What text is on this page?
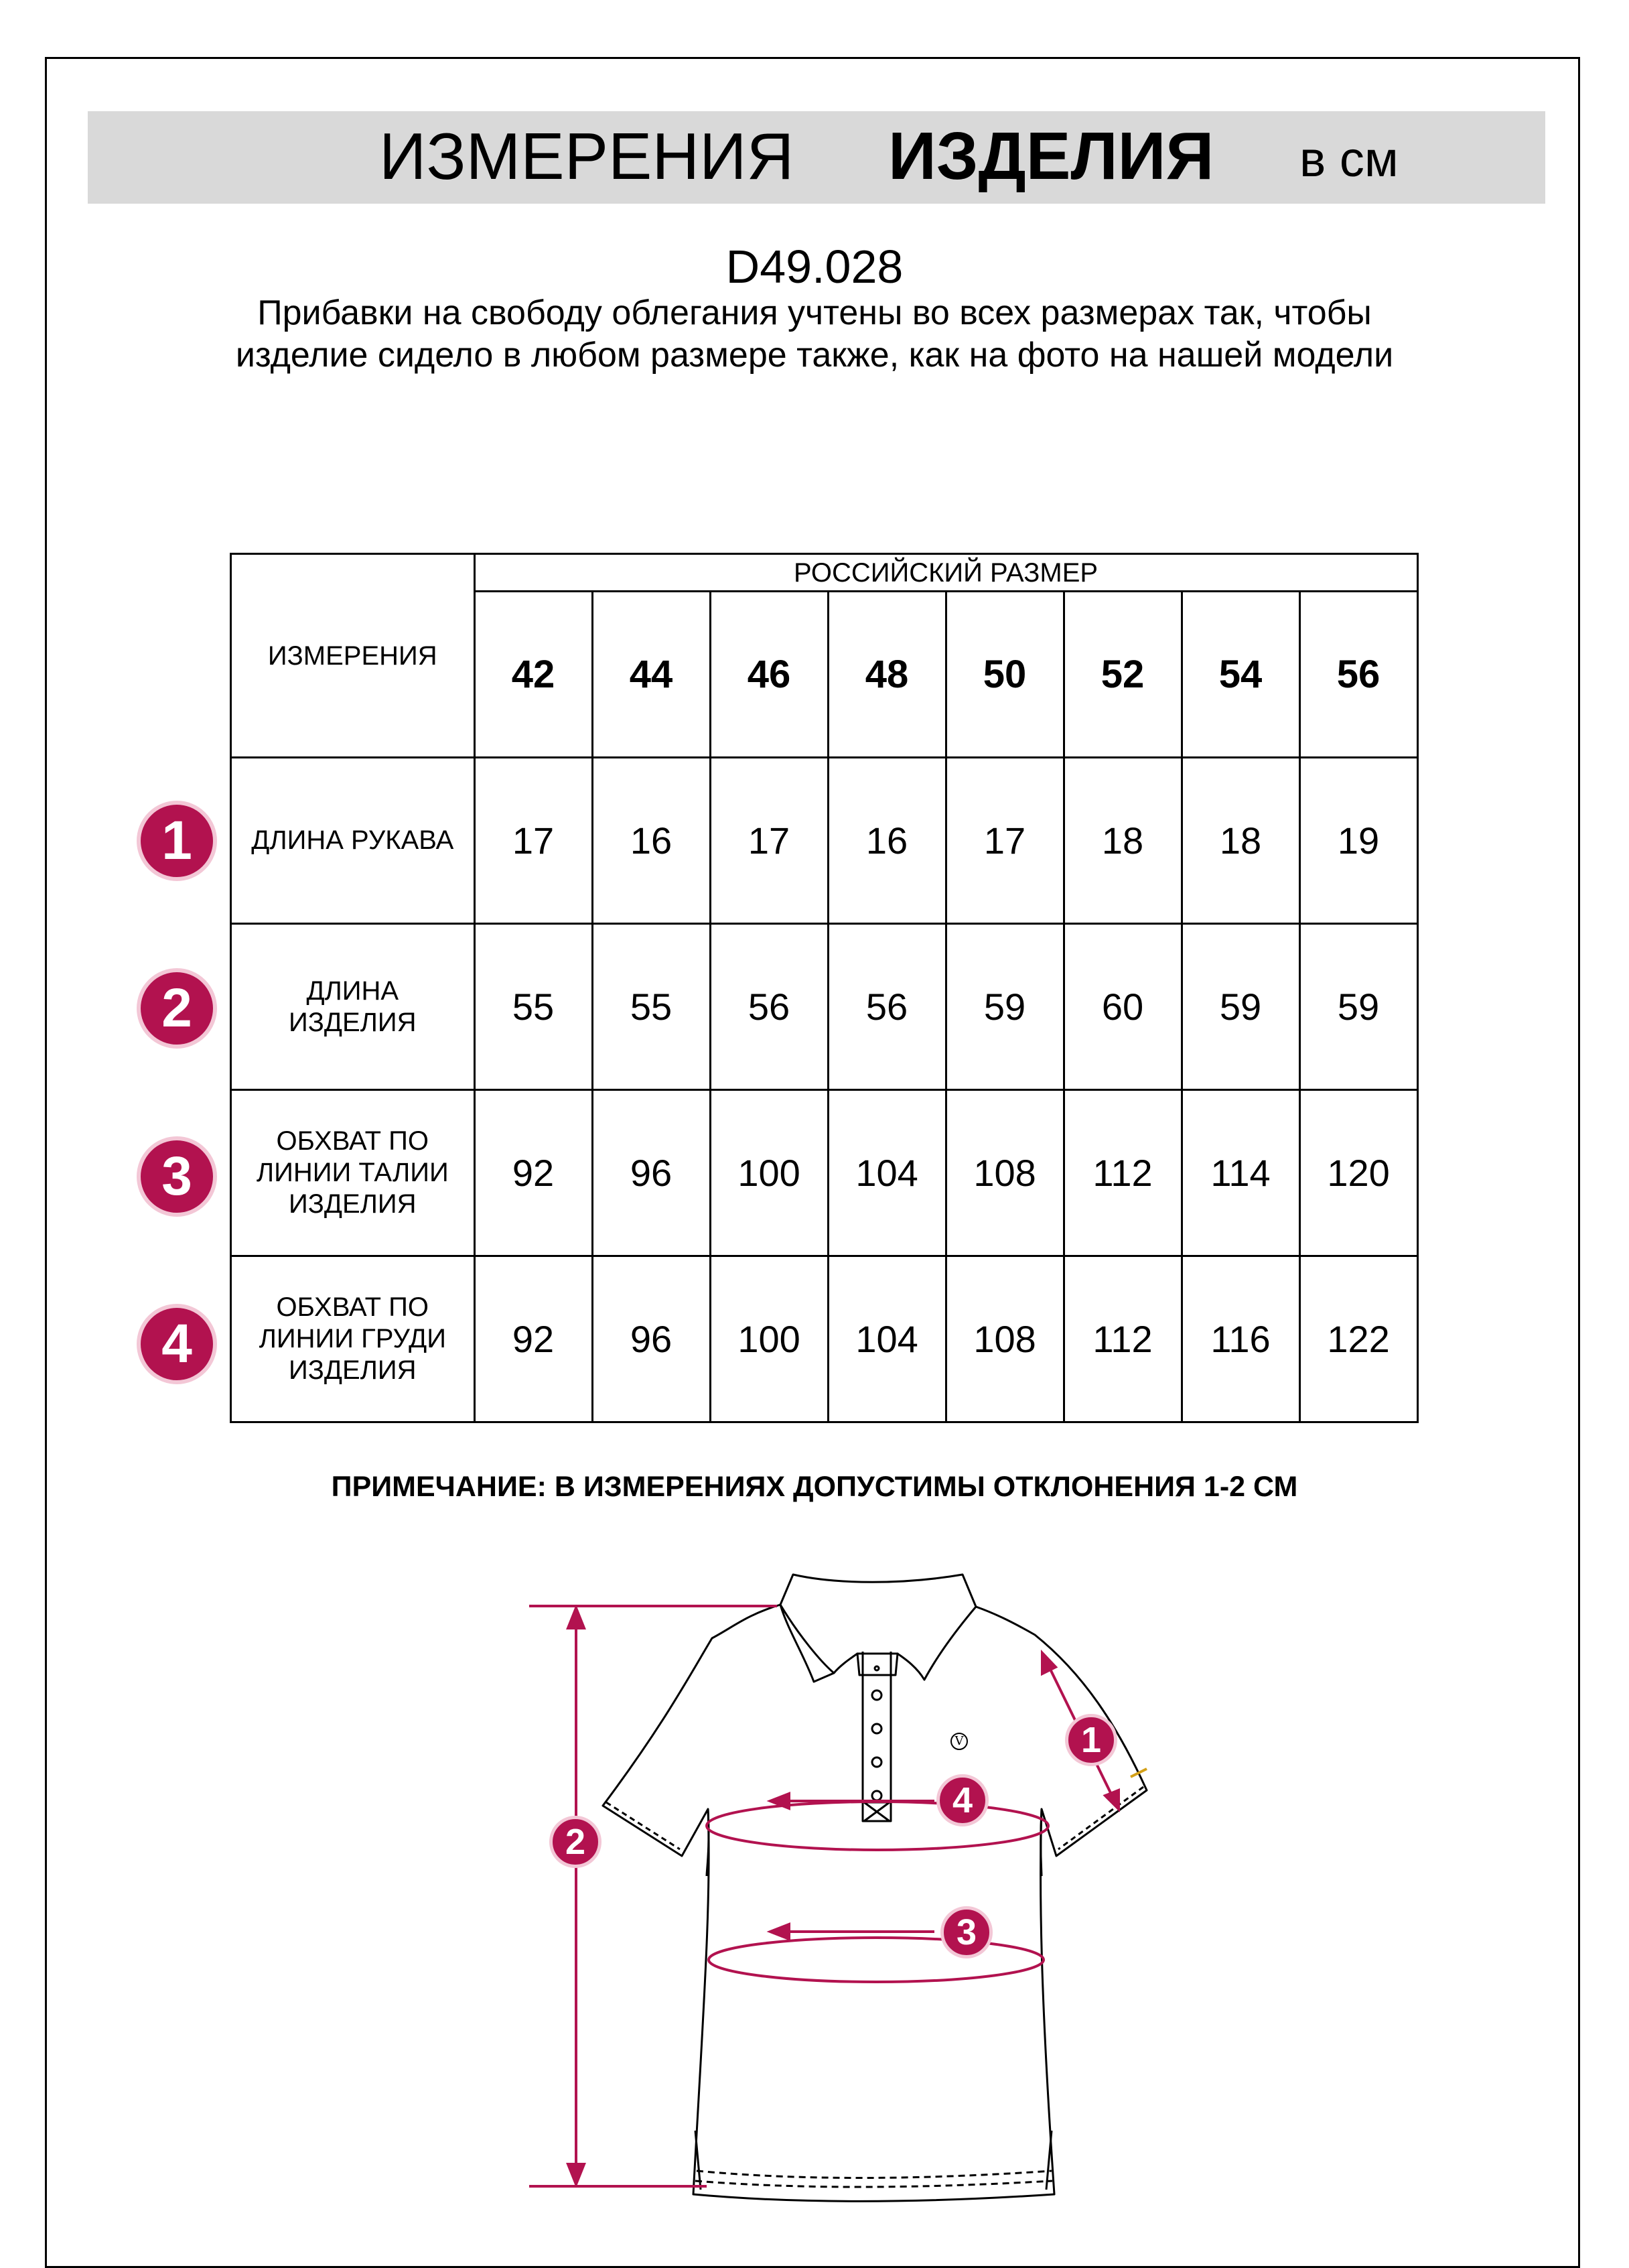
ИЗМЕРЕНИЯ ИЗДЕЛИЯ в см
D49.028
Прибавки на свободу облегания учтены во всех размерах так, чтобы изделие сидело в любом размере также, как на фото на нашей модели
ИЗМЕРЕНИЯ	РОССИЙСКИЙ РАЗМЕР							
	42	44	46	48	50	52	54	56
ДЛИНА РУКАВА	17	16	17	16	17	18	18	19
ДЛИНА ИЗДЕЛИЯ	55	55	56	56	59	60	59	59
ОБХВАТ ПО ЛИНИИ ТАЛИИ ИЗДЕЛИЯ	92	96	100	104	108	112	114	120
ОБХВАТ ПО ЛИНИИ ГРУДИ ИЗДЕЛИЯ	92	96	100	104	108	112	116	122
1
2
3
4
ПРИМЕЧАНИЕ: В ИЗМЕРЕНИЯХ ДОПУСТИМЫ ОТКЛОНЕНИЯ 1-2 СМ
1
2
3
4
V
